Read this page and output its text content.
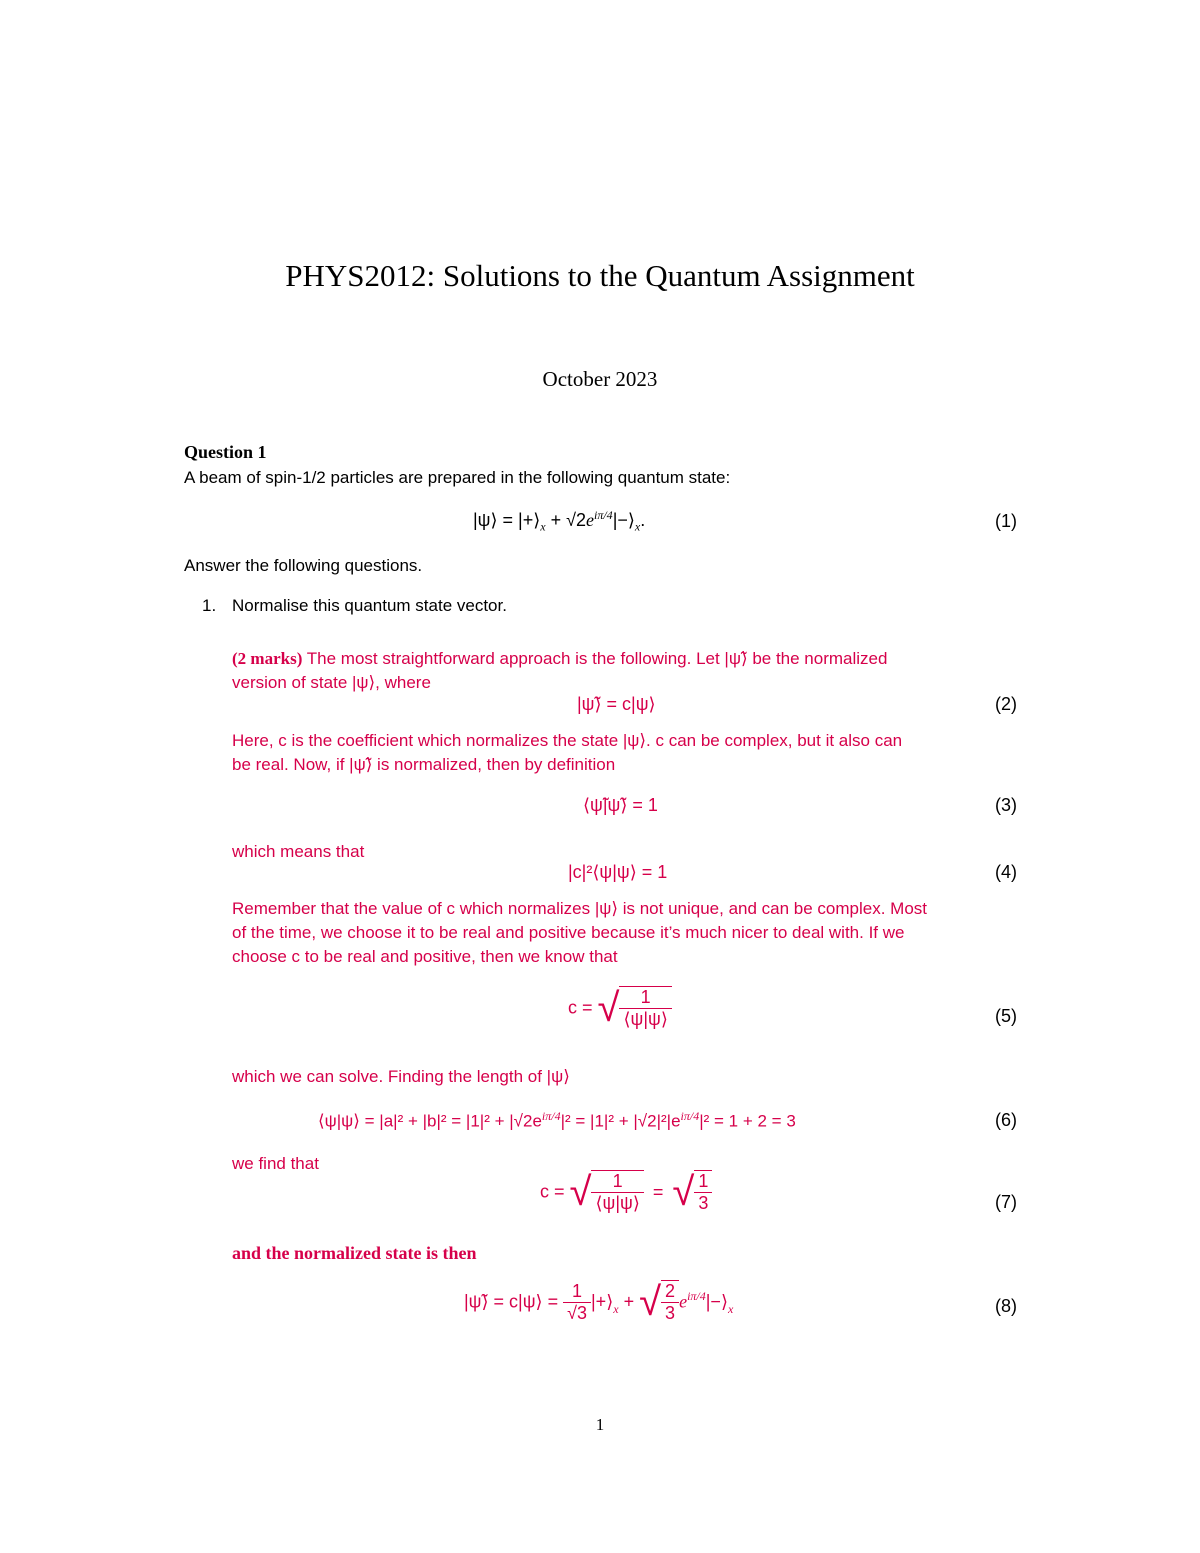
PHYS2012: Solutions to the Quantum Assignment
October 2023
Question 1
A beam of spin-1/2 particles are prepared in the following quantum state:
|ψ⟩ = $|+⟩_x$ + $√2e^{i\pi/4}|-⟩_x$.	(1)
Answer the following questions.
1. Normalise this quantum state vector.
(2 marks) The most straightforward approach is the following. Let |ψ̃⟩ be the normalized
version of state |ψ⟩, where
|ψ̃⟩ = c|ψ⟩	(2)
Here, c is the coefficient which normalizes the state |ψ⟩. c can be complex, but it also can
be real. Now, if |ψ̃⟩ is normalized, then by definition
⟨ψ̃|ψ̃⟩ = 1	(3)
which means that
|c|²⟨ψ|ψ⟩ = 1	(4)
Remember that the value of c which normalizes |ψ⟩ is not unique, and can be complex. Most
of the time, we choose it to be real and positive because it’s much nicer to deal with. If we
choose c to be real and positive, then we know that
c = √ $\frac{1}{⟨\psi|\psi⟩}$	(5)
which we can solve. Finding the length of |ψ⟩
⟨ψ|ψ⟩ = $|a|^2 + |b|^2 = |1|^2 + |√2e^{i\pi/4}|^2 = |1|^2 + |√2|^2|e^{i\pi/4}|^2 = 1 + 2 = 3$	(6)
we find that
c = √ $\frac{1}{⟨\psi|\psi⟩}$ = √ $\frac{1}{3}$	(7)
and the normalized state is then
|ψ̃⟩ = c|ψ⟩ = $\frac{1}{√3}$ $|+⟩_x$ + √ $\frac{2}{3}$ $e^{i\pi/4}|-⟩_x$	(8)
1
